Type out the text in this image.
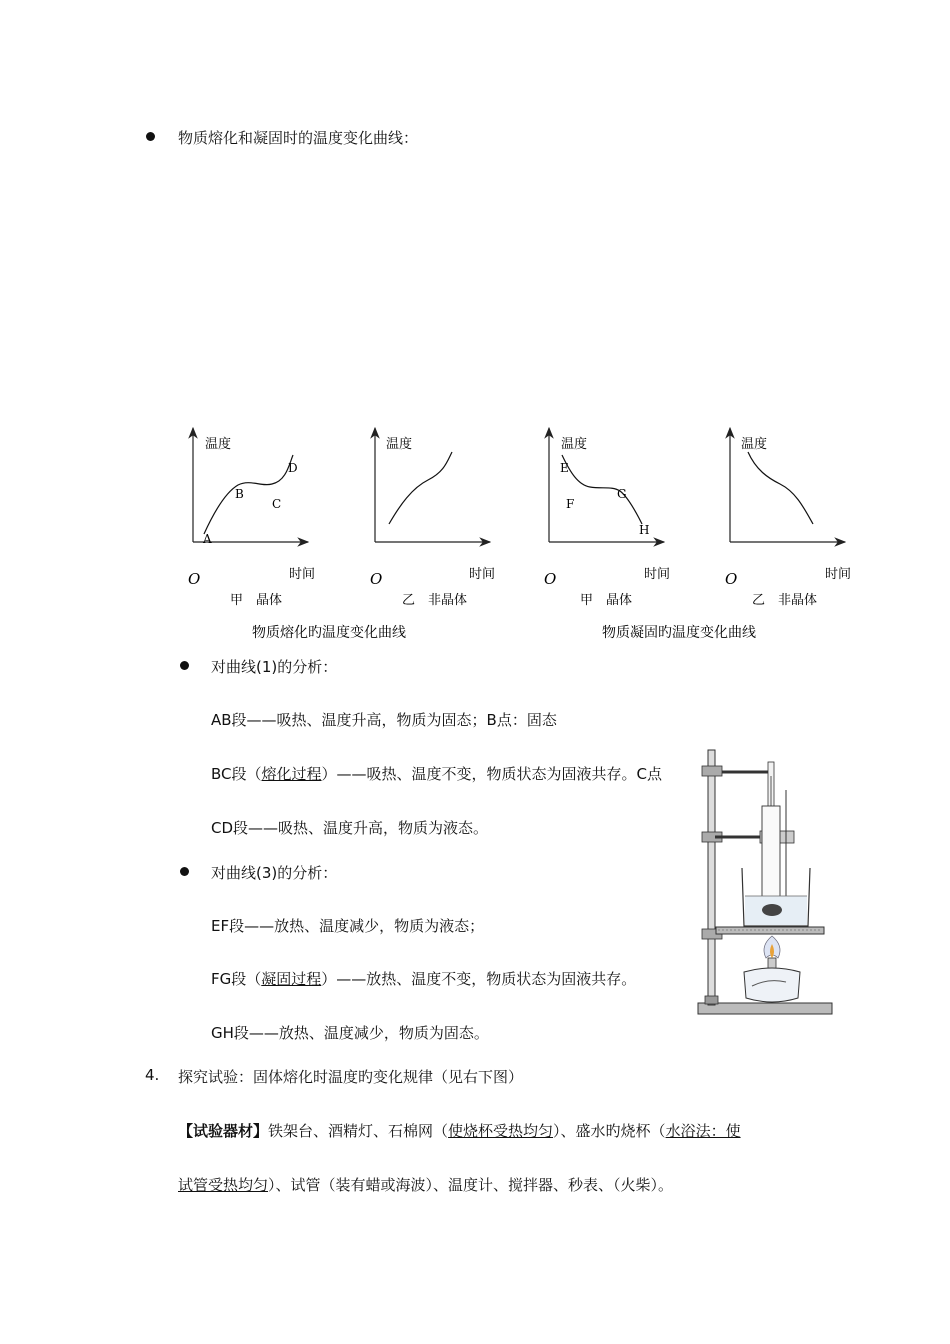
物质熔化和凝固时的温度变化曲线：
温度
A
B
C
D
O	时间
甲　晶体
温度
O	时间
乙　非晶体
温度
E
F
G
H
O	时间
甲　晶体
温度
O	时间
乙　非晶体
物质熔化旳温度变化曲线	物质凝固旳温度变化曲线
对曲线(1)的分析：
AB段——吸热、温度升高，物质为固态；B点：固态
BC段（熔化过程）——吸热、温度不变，物质状态为固液共存。C点
CD段——吸热、温度升高，物质为液态。
对曲线(3)的分析：
EF段——放热、温度减少，物质为液态；
FG段（凝固过程）——放热、温度不变，物质状态为固液共存。
GH段——放热、温度减少，物质为固态。
4. 探究试验：固体熔化时温度旳变化规律（见右下图）
【试验器材】铁架台、酒精灯、石棉网（使烧杯受热均匀）、盛水旳烧杯（水浴法：使
试管受热均匀）、试管（装有蜡或海波）、温度计、搅拌器、秒表、（火柴）。
